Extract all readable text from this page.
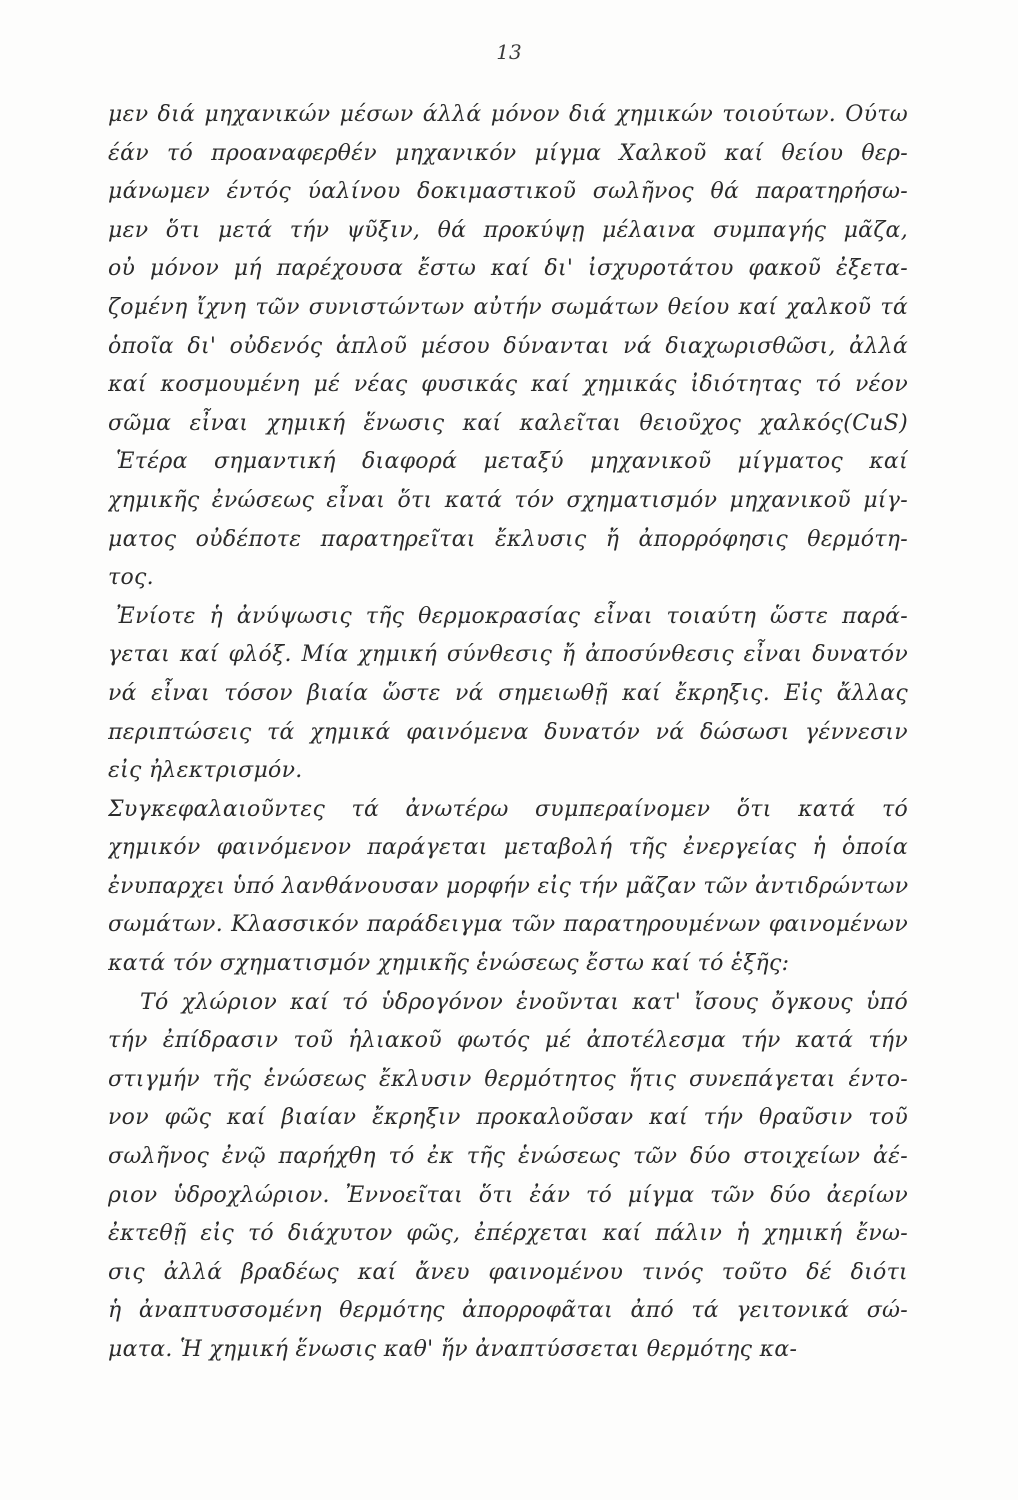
13
μεν διά μηχανικών μέσων άλλά μόνον διά χημικών τοιούτων. Ούτω
έάν τό προαναφερθέν μηχανικόν μίγμα Χαλκοῦ καί θείου θερ-
μάνωμεν έντός ύαλίνου δοκιμαστικοῦ σωλῆνος θά παρατηρήσω-
μεν ὅτι μετά τήν ψῦξιν, θά προκύψῃ μέλαινα συμπαγής μᾶζα,
οὐ μόνον μή παρέχουσα ἔστω καί δι' ἰσχυροτάτου φακοῦ ἐξετα-
ζομένη ἴχνη τῶν συνιστώντων αὐτήν σωμάτων θείου καί χαλκοῦ τά
ὁποῖα δι' οὐδενός ἁπλοῦ μέσου δύνανται νά διαχωρισθῶσι, ἀλλά
καί κοσμουμένη μέ νέας φυσικάς καί χημικάς ἰδιότητας τό νέον
σῶμα εἶναι χημική ἕνωσις καί καλεῖται θειοῦχος χαλκός(CuS)
Ἑτέρα σημαντική διαφορά μεταξύ μηχανικοῦ μίγματος καί
χημικῆς ἐνώσεως εἶναι ὅτι κατά τόν σχηματισμόν μηχανικοῦ μίγ-
ματος οὐδέποτε παρατηρεῖται ἔκλυσις ἤ ἀπορρόφησις θερμότη-
τος.
Ἐνίοτε ἡ ἀνύψωσις τῆς θερμοκρασίας εἶναι τοιαύτη ὥστε παρά-
γεται καί φλόξ. Μία χημική σύνθεσις ἤ ἀποσύνθεσις εἶναι δυνατόν
νά εἶναι τόσον βιαία ὥστε νά σημειωθῇ καί ἔκρηξις. Εἰς ἄλλας
περιπτώσεις τά χημικά φαινόμενα δυνατόν νά δώσωσι γέννεσιν
εἰς ἠλεκτρισμόν.
Συγκεφαλαιοῦντες τά ἀνωτέρω συμπεραίνομεν ὅτι κατά τό
χημικόν φαινόμενον παράγεται μεταβολή τῆς ἐνεργείας ἡ ὁποία
ἐνυπαρχει ὑπό λανθάνουσαν μορφήν εἰς τήν μᾶζαν τῶν ἀντιδρώντων
σωμάτων. Κλασσικόν παράδειγμα τῶν παρατηρουμένων φαινομένων
κατά τόν σχηματισμόν χημικῆς ἑνώσεως ἔστω καί τό ἑξῆς:
Τό χλώριον καί τό ὑδρογόνον ἑνοῦνται κατ' ἴσους ὄγκους ὑπό
τήν ἐπίδρασιν τοῦ ἡλιακοῦ φωτός μέ ἀποτέλεσμα τήν κατά τήν
στιγμήν τῆς ἑνώσεως ἔκλυσιν θερμότητος ἥτις συνεπάγεται έντο-
νον φῶς καί βιαίαν ἔκρηξιν προκαλοῦσαν καί τήν θραῦσιν τοῦ
σωλῆνος ἐνῷ παρήχθη τό ἐκ τῆς ἑνώσεως τῶν δύο στοιχείων ἀέ-
ριον ὑδροχλώριον. Ἐννοεῖται ὅτι ἐάν τό μίγμα τῶν δύο ἀερίων
ἐκτεθῇ εἰς τό διάχυτον φῶς, ἐπέρχεται καί πάλιν ἡ χημική ἔνω-
σις ἀλλά βραδέως καί ἄνευ φαινομένου τινός τοῦτο δέ διότι
ἡ ἀναπτυσσομένη θερμότης ἀπορροφᾶται ἀπό τά γειτονικά σώ-
ματα. Ἡ χημική ἕνωσις καθ' ἥν ἀναπτύσσεται θερμότης κα-
